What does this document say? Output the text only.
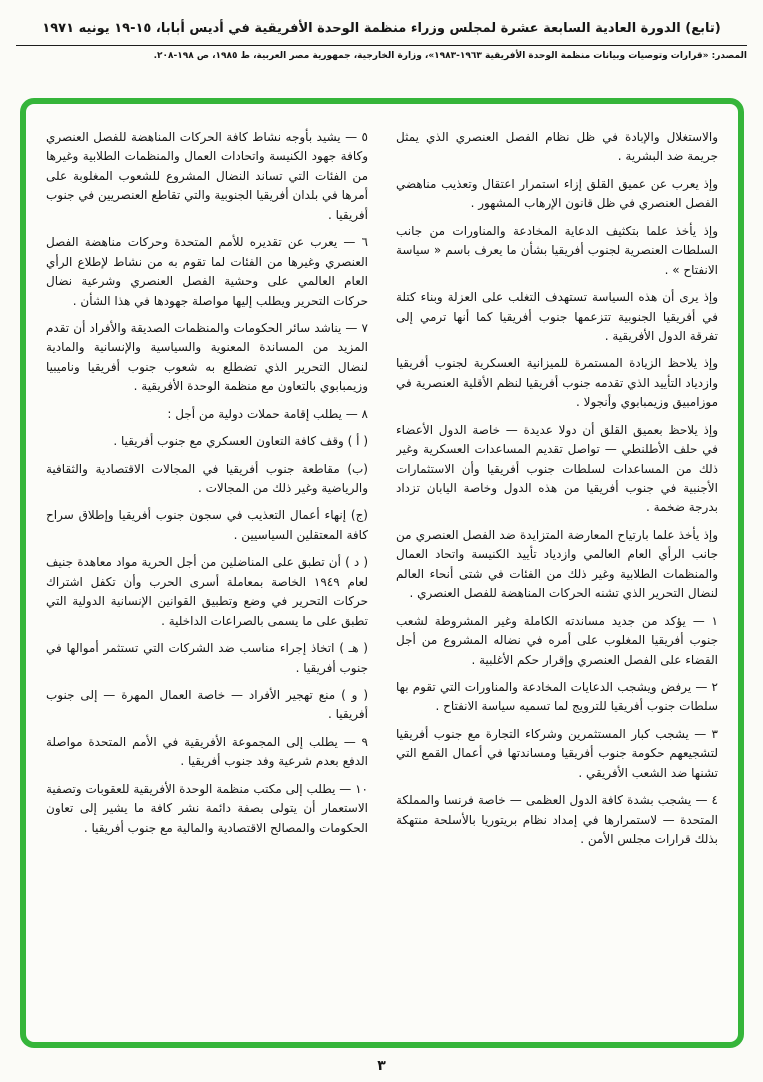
(تابع) الدورة العادية السابعة عشرة لمجلس وزراء منظمة الوحدة الأفريقية في أديس أبابا، ١٥-١٩ يونيه ١٩٧١
المصدر: «قرارات وتوصيات وبيانات منظمة الوحدة الأفريقية ١٩٦٣-١٩٨٣»، وزارة الخارجية، جمهورية مصر العربية، ط ١٩٨٥، ص ١٩٨-٢٠٨.

والاستغلال والإبادة في ظل نظام الفصل العنصري الذي يمثل جريمة ضد البشرية .

وإذ يعرب عن عميق القلق إزاء استمرار اعتقال وتعذيب مناهضي الفصل العنصري في ظل قانون الإرهاب المشهور .

وإذ يأخذ علما بتكثيف الدعاية المخادعة والمناورات من جانب السلطات العنصرية لجنوب أفريقيا بشأن ما يعرف باسم « سياسة الانفتاح » .

وإذ يرى أن هذه السياسة تستهدف التغلب على العزلة وبناء كتلة في أفريقيا الجنوبية تتزعمها جنوب أفريقيا كما أنها ترمي إلى تفرقة الدول الأفريقية .

وإذ يلاحظ الزيادة المستمرة للميزانية العسكرية لجنوب أفريقيا وازدياد التأييد الذي تقدمه جنوب أفريقيا لنظم الأقلية العنصرية في موزامبيق وزيمبابوي وأنجولا .

وإذ يلاحظ بعميق القلق أن دولا عديدة — خاصة الدول الأعضاء في حلف الأطلنطي — تواصل تقديم المساعدات العسكرية وغير ذلك من المساعدات لسلطات جنوب أفريقيا وأن الاستثمارات الأجنبية في جنوب أفريقيا من هذه الدول وخاصة اليابان تزداد بدرجة ضخمة .

وإذ يأخذ علما بارتياح المعارضة المتزايدة ضد الفصل العنصري من جانب الرأي العام العالمي وازدياد تأييد الكنيسة واتحاد العمال والمنظمات الطلابية وغير ذلك من الفئات في شتى أنحاء العالم لنضال التحرير الذي تشنه الحركات المناهضة للفصل العنصري .

١ — يؤكد من جديد مساندته الكاملة وغير المشروطة لشعب جنوب أفريقيا المغلوب على أمره في نضاله المشروع من أجل القضاء على الفصل العنصري وإقرار حكم الأغلبية .

٢ — يرفض ويشجب الدعايات المخادعة والمناورات التي تقوم بها سلطات جنوب أفريقيا للترويج لما تسميه سياسة الانفتاح .

٣ — يشجب كبار المستثمرين وشركاء التجارة مع جنوب أفريقيا لتشجيعهم حكومة جنوب أفريقيا ومساندتها في أعمال القمع التي تشنها ضد الشعب الأفريقي .

٤ — يشجب بشدة كافة الدول العظمى — خاصة فرنسا والمملكة المتحدة — لاستمرارها في إمداد نظام بريتوريا بالأسلحة منتهكة بذلك قرارات مجلس الأمن .

٥ — يشيد بأوجه نشاط كافة الحركات المناهضة للفصل العنصري وكافة جهود الكنيسة واتحادات العمال والمنظمات الطلابية وغيرها من الفئات التي تساند النضال المشروع للشعوب المغلوبة على أمرها في بلدان أفريقيا الجنوبية والتي تقاطع العنصريين في جنوب أفريقيا .

٦ — يعرب عن تقديره للأمم المتحدة وحركات مناهضة الفصل العنصري وغيرها من الفئات لما تقوم به من نشاط لإطلاع الرأي العام العالمي على وحشية الفصل العنصري وشرعية نضال حركات التحرير ويطلب إليها مواصلة جهودها في هذا الشأن .

٧ — يناشد سائر الحكومات والمنظمات الصديقة والأفراد أن تقدم المزيد من المساندة المعنوية والسياسية والإنسانية والمادية لنضال التحرير الذي تضطلع به شعوب جنوب أفريقيا وناميبيا وزيمبابوي بالتعاون مع منظمة الوحدة الأفريقية .

٨ — يطلب إقامة حملات دولية من أجل :

( أ ) وقف كافة التعاون العسكري مع جنوب أفريقيا .

(ب) مقاطعة جنوب أفريقيا في المجالات الاقتصادية والثقافية والرياضية وغير ذلك من المجالات .

(ج) إنهاء أعمال التعذيب في سجون جنوب أفريقيا وإطلاق سراح كافة المعتقلين السياسيين .

( د ) أن تطبق على المناضلين من أجل الحرية مواد معاهدة جنيف لعام ١٩٤٩ الخاصة بمعاملة أسرى الحرب وأن تكفل اشتراك حركات التحرير في وضع وتطبيق القوانين الإنسانية الدولية التي تطبق على ما يسمى بالصراعات الداخلية .

( هـ ) اتخاذ إجراء مناسب ضد الشركات التي تستثمر أموالها في جنوب أفريقيا .

( و ) منع تهجير الأفراد — خاصة العمال المهرة — إلى جنوب أفريقيا .

٩ — يطلب إلى المجموعة الأفريقية في الأمم المتحدة مواصلة الدفع بعدم شرعية وفد جنوب أفريقيا .

١٠ — يطلب إلى مكتب منظمة الوحدة الأفريقية للعقوبات وتصفية الاستعمار أن يتولى بصفة دائمة نشر كافة ما يشير إلى تعاون الحكومات والمصالح الاقتصادية والمالية مع جنوب أفريقيا .

٣
